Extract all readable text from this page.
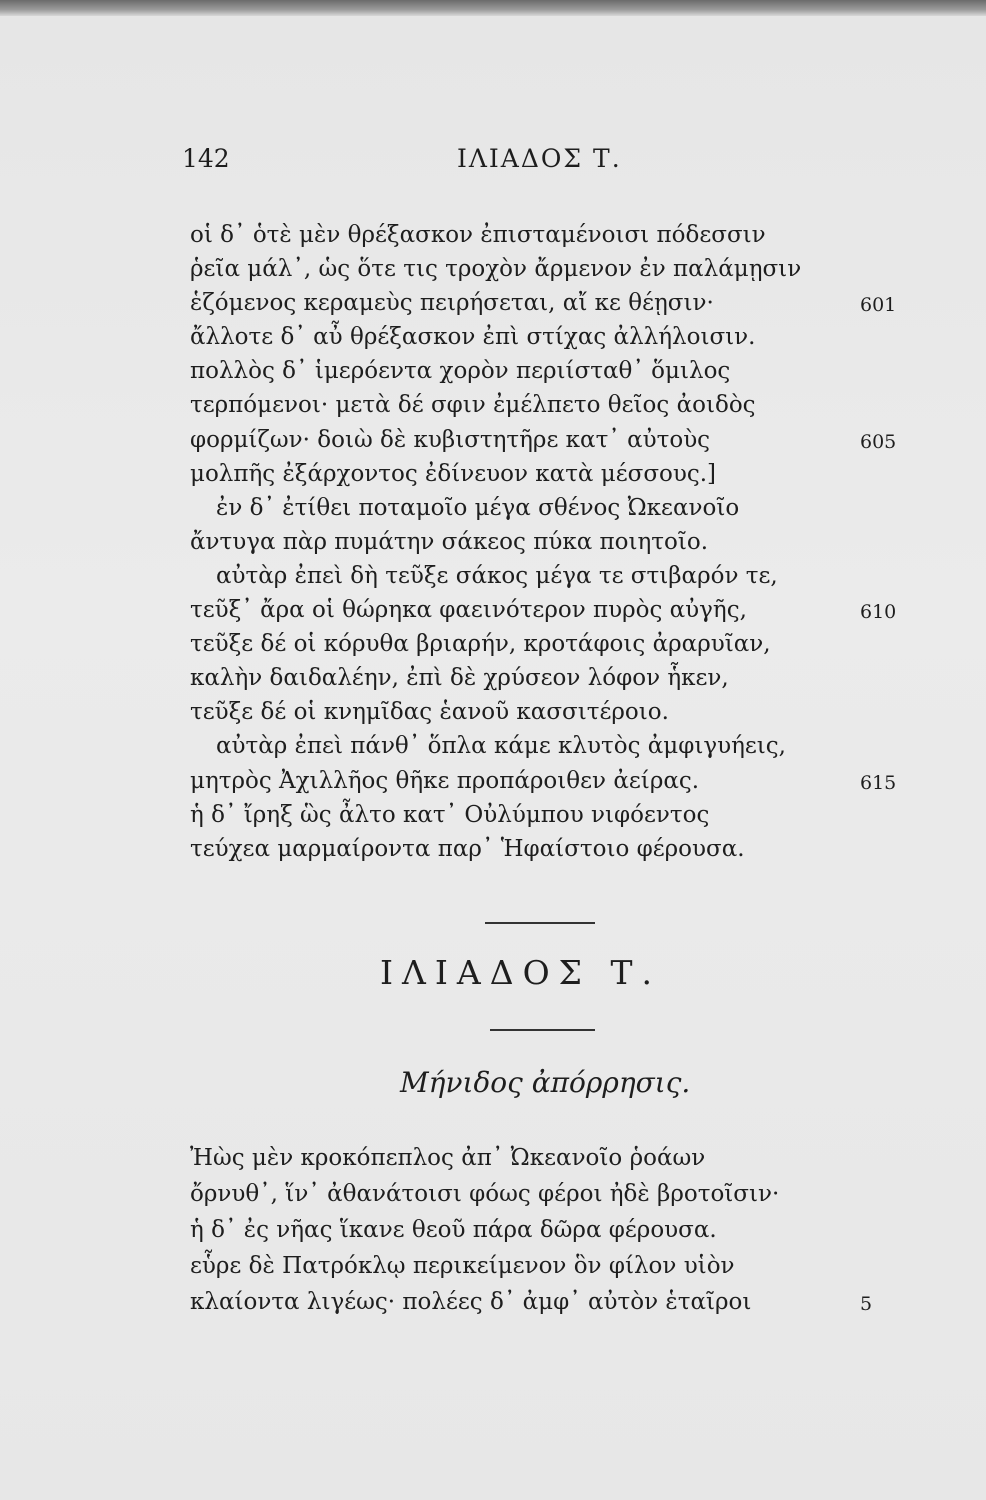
142	ΙΛΙΑΔΟΣ Τ.
οἱ δ᾽ ὁτὲ μὲν θρέξασκον ἐπισταμένοισι πόδεσσιν
ῥεῖα μάλ᾽, ὡς ὅτε τις τροχὸν ἄρμενον ἐν παλάμῃσιν
ἑζόμενος κεραμεὺς πειρήσεται, αἴ κε θέῃσιν·	601
ἄλλοτε δ᾽ αὖ θρέξασκον ἐπὶ στίχας ἀλλήλοισιν.
πολλὸς δ᾽ ἱμερόεντα χορὸν περιίσταθ᾽ ὅμιλος
τερπόμενοι· μετὰ δέ σφιν ἐμέλπετο θεῖος ἀοιδὸς
φορμίζων· δοιὼ δὲ κυβιστητῆρε κατ᾽ αὐτοὺς	605
μολπῆς ἐξάρχοντος ἐδίνευον κατὰ μέσσους.]
ἐν δ᾽ ἐτίθει ποταμοῖο μέγα σθένος Ὠκεανοῖο
ἄντυγα πὰρ πυμάτην σάκεος πύκα ποιητοῖο.
αὐτὰρ ἐπεὶ δὴ τεῦξε σάκος μέγα τε στιβαρόν τε,
τεῦξ᾽ ἄρα οἱ θώρηκα φαεινότερον πυρὸς αὐγῆς,	610
τεῦξε δέ οἱ κόρυθα βριαρήν, κροτάφοις ἀραρυῖαν,
καλὴν δαιδαλέην, ἐπὶ δὲ χρύσεον λόφον ἧκεν,
τεῦξε δέ οἱ κνημῖδας ἑανοῦ κασσιτέροιο.
αὐτὰρ ἐπεὶ πάνθ᾽ ὅπλα κάμε κλυτὸς ἀμφιγυήεις,
μητρὸς Ἀχιλλῆος θῆκε προπάροιθεν ἀείρας.	615
ἡ δ᾽ ἴρηξ ὣς ἆλτο κατ᾽ Οὐλύμπου νιφόεντος
τεύχεα μαρμαίροντα παρ᾽ Ἡφαίστοιο φέρουσα.
ΙΛΙΑΔΟΣ Τ.
Μήνιδος ἀπόρρησις.
Ἠὼς μὲν κροκόπεπλος ἀπ᾽ Ὠκεανοῖο ῥοάων
ὄρνυθ᾽, ἵν᾽ ἀθανάτοισι φόως φέροι ἠδὲ βροτοῖσιν·
ἡ δ᾽ ἐς νῆας ἵκανε θεοῦ πάρα δῶρα φέρουσα.
εὗρε δὲ Πατρόκλῳ περικείμενον ὃν φίλον υἱὸν
κλαίοντα λιγέως· πολέες δ᾽ ἀμφ᾽ αὐτὸν ἑταῖροι	5
